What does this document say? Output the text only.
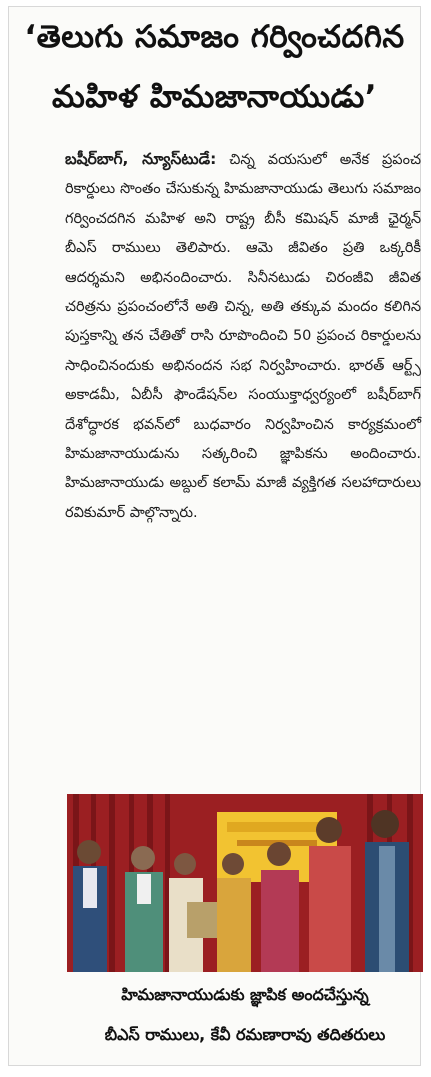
‘తెలుగు సమాజం గర్వించదగిన
మహిళ హిమజానాయుడు’

బషీర్‌బాగ్, న్యూస్‌టుడే: చిన్న వయసులో అనేక ప్రపంచ రికార్డులు సొంతం చేసుకున్న హిమజానాయుడు తెలుగు సమాజం గర్వించదగిన మహిళ అని రాష్ట్ర బీసీ కమిషన్ మాజీ ఛైర్మన్ బీఎస్ రాములు తెలిపారు. ఆమె జీవితం ప్రతి ఒక్కరికీ ఆదర్శమని అభినందించారు. సినీనటుడు చిరంజీవి జీవిత చరిత్రను ప్రపంచంలోనే అతి చిన్న, అతి తక్కువ మందం కలిగిన పుస్తకాన్ని తన చేతితో రాసి రూపొందించి 50 ప్రపంచ రికార్డులను సాధించినందుకు అభినందన సభ నిర్వహించారు. భారత్ ఆర్ట్స్ అకాడమీ, ఏబీసీ ఫౌండేషన్‌ల సంయుక్తాధ్వర్యంలో బషీర్‌బాగ్ దేశోద్ధారక భవన్‌లో బుధవారం నిర్వహించిన కార్యక్రమంలో హిమజానాయుడును సత్కరించి జ్ఞాపికను అందించారు. హిమజానాయుడు అబ్దుల్ కలామ్ మాజీ వ్యక్తిగత సలహాదారులు రవికుమార్ పాల్గొన్నారు.

హిమజానాయుడుకు జ్ఞాపిక అందచేస్తున్న
బీఎస్ రాములు, కేవీ రమణారావు తదితరులు
